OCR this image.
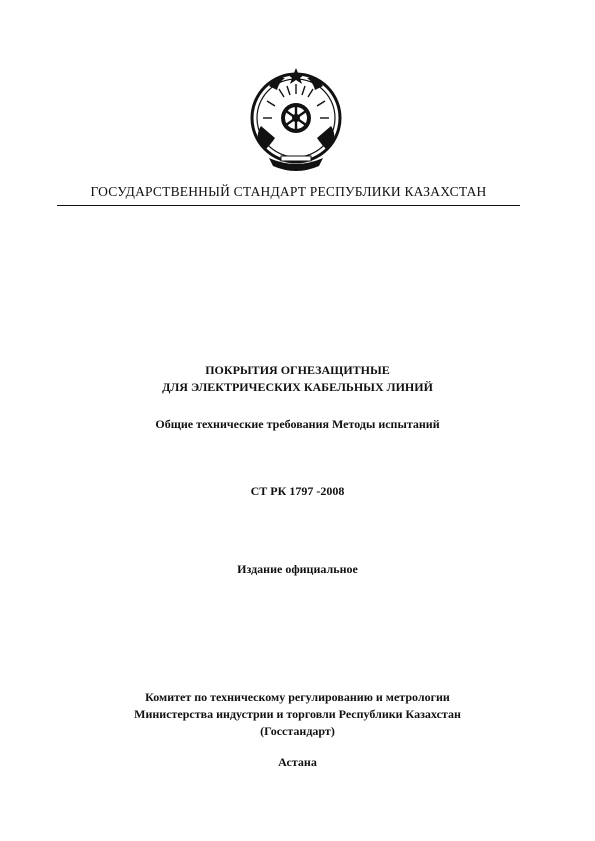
ГОСУДАРСТВЕННЫЙ СТАНДАРТ РЕСПУБЛИКИ КАЗАХСТАН
ПОКРЫТИЯ ОГНЕЗАЩИТНЫЕ
ДЛЯ ЭЛЕКТРИЧЕСКИХ КАБЕЛЬНЫХ ЛИНИЙ
Общие технические требования Методы испытаний
СТ РК 1797 -2008
Издание официальное
Комитет по техническому регулированию и метрологии
Министерства индустрии и торговли Республики Казахстан
(Госстандарт)
Астана
